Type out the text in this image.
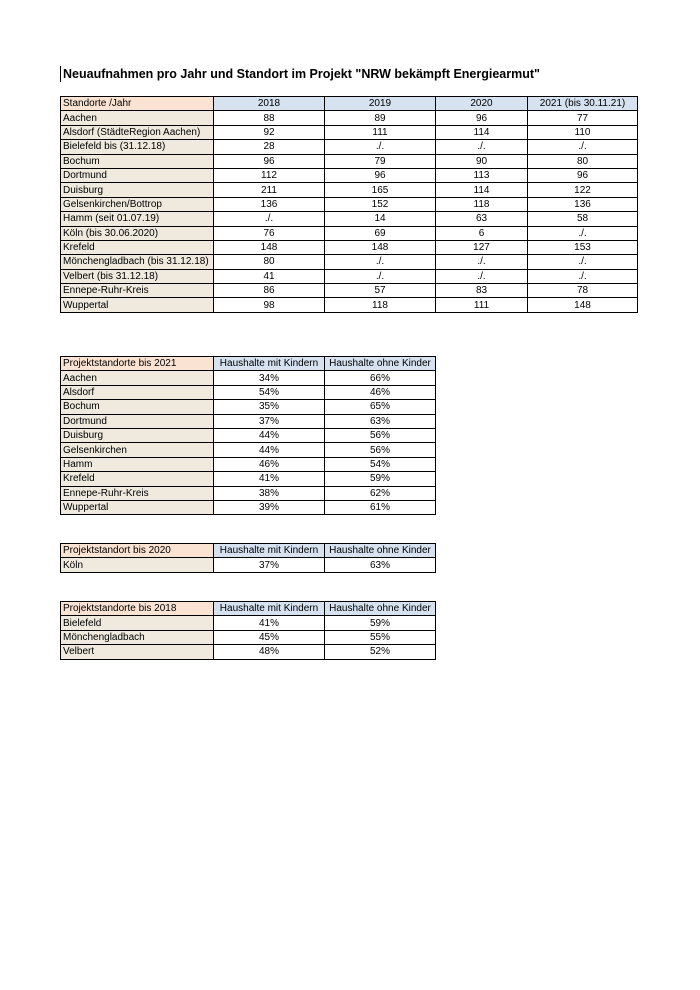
Neuaufnahmen pro Jahr und Standort im Projekt "NRW bekämpft Energiearmut"
Standorte /Jahr	2018	2019	2020	2021 (bis 30.11.21)
Aachen	88	89	96	77
Alsdorf (StädteRegion Aachen)	92	111	114	110
Bielefeld bis (31.12.18)	28	./.	./.	./.
Bochum	96	79	90	80
Dortmund	112	96	113	96
Duisburg	211	165	114	122
Gelsenkirchen/Bottrop	136	152	118	136
Hamm (seit 01.07.19)	./.	14	63	58
Köln (bis 30.06.2020)	76	69	6	./.
Krefeld	148	148	127	153
Mönchengladbach (bis 31.12.18)	80	./.	./.	./.
Velbert (bis 31.12.18)	41	./.	./.	./.
Ennepe-Ruhr-Kreis	86	57	83	78
Wuppertal	98	118	111	148
Projektstandorte bis 2021	Haushalte mit Kindern	Haushalte ohne Kinder
Aachen	34%	66%
Alsdorf	54%	46%
Bochum	35%	65%
Dortmund	37%	63%
Duisburg	44%	56%
Gelsenkirchen	44%	56%
Hamm	46%	54%
Krefeld	41%	59%
Ennepe-Ruhr-Kreis	38%	62%
Wuppertal	39%	61%
Projektstandort bis 2020	Haushalte mit Kindern	Haushalte ohne Kinder
Köln	37%	63%
Projektstandorte bis 2018	Haushalte mit Kindern	Haushalte ohne Kinder
Bielefeld	41%	59%
Mönchengladbach	45%	55%
Velbert	48%	52%
